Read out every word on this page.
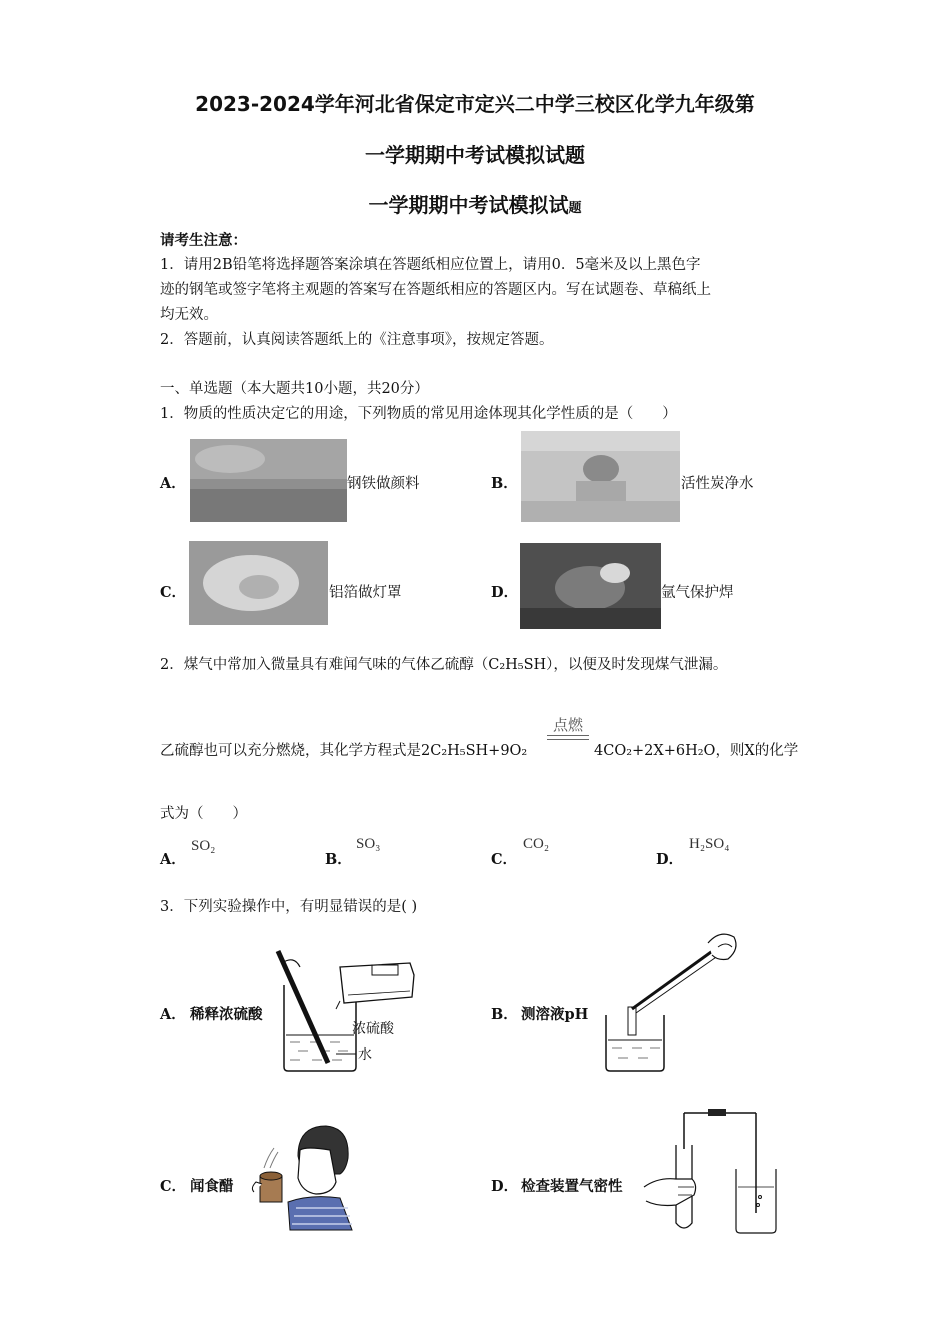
2023-2024学年河北省保定市定兴二中学三校区化学九年级第
一学期期中考试模拟试题
一学期期中考试模拟试题
请考生注意：
1．请用2B铅笔将选择题答案涂填在答题纸相应位置上，请用0．5毫米及以上黑色字
迹的钢笔或签字笔将主观题的答案写在答题纸相应的答题区内。写在试题卷、草稿纸上
均无效。
2．答题前，认真阅读答题纸上的《注意事项》，按规定答题。
一、单选题（本大题共10小题，共20分）
1．物质的性质决定它的用途，下列物质的常见用途体现其化学性质的是（　　）
A．	钢铁做颜料	B．	活性炭净水
C．	铝箔做灯罩	D．	氩气保护焊
2．煤气中常加入微量具有难闻气味的气体乙硫醇（C₂H₅SH），以便及时发现煤气泄漏。
点燃
乙硫醇也可以充分燃烧，其化学方程式是2C₂H₅SH+9O₂	4CO₂+2X+6H₂O，则X的化学
式为（　　）
A．
SO₂
B．
SO₃
C．
CO₂
D．
H₂SO₄
3．下列实验操作中，有明显错误的是( )
A． 稀释浓硫酸
浓硫酸
水
B． 测溶液pH
C． 闻食醋	D． 检查装置气密性
